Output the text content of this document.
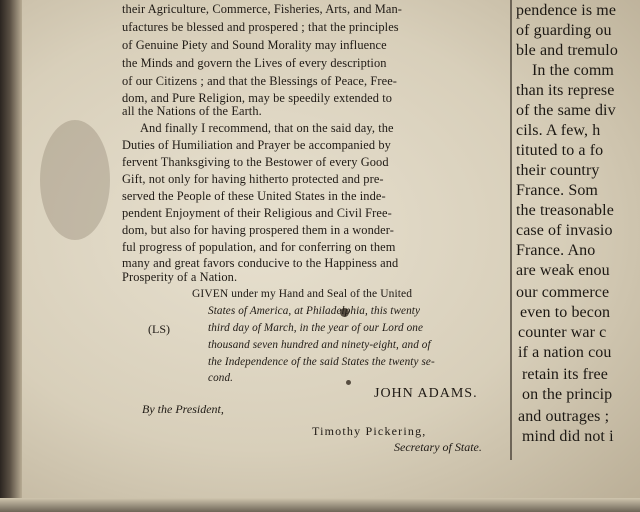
their Agriculture, Commerce, Fisheries, Arts, and Man-
ufactures be blessed and prospered ; that the principles
of Genuine Piety and Sound Morality may influence
the Minds and govern the Lives of every description
of our Citizens ; and that the Blessings of Peace, Free-
dom, and Pure Religion, may be speedily extended to
all the Nations of the Earth.
And finally I recommend, that on the said day, the
Duties of Humiliation and Prayer be accompanied by
fervent Thanksgiving to the Bestower of every Good
Gift, not only for having hitherto protected and pre-
served the People of these United States in the inde-
pendent Enjoyment of their Religious and Civil Free-
dom, but also for having prospered them in a wonder-
ful progress of population, and for conferring on them
many and great favors conducive to the Happiness and
Prosperity of a Nation.
GIVEN under my Hand and Seal of the United
States of America, at Philadelphia, this twenty
third day of March, in the year of our Lord one
thousand seven hundred and ninety-eight, and of
the Independence of the said States the twenty se-
cond.
(LS)
JOHN ADAMS.
By the President,
Timothy Pickering,
Secretary of State.
pendence is me
of guarding ou
ble and tremulo
In the comm
than its represe
of the same div
cils. A few, h
tituted to a fo
their country
France. Som
the treasonable
case of invasio
France. Ano
are weak enou
our commerce
even to becon
counter war c
if a nation cou
retain its free
on the princip
and outrages ;
mind did not i
